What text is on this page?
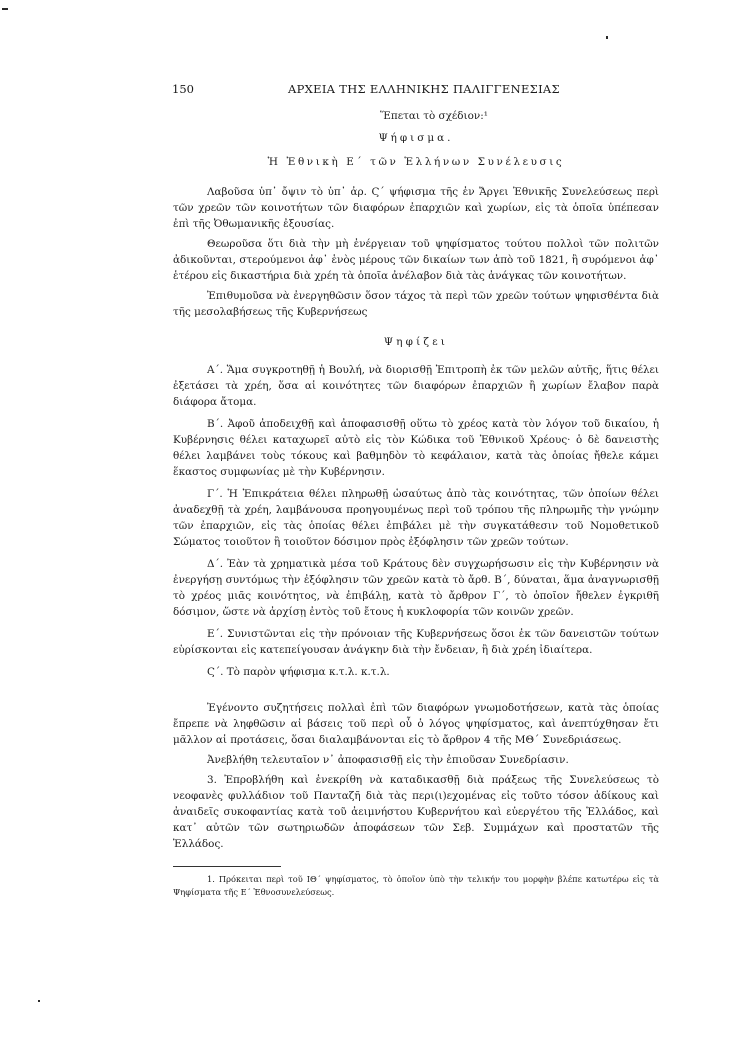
150	ΑΡΧΕΙΑ ΤΗΣ ΕΛΛΗΝΙΚΗΣ ΠΑΛΙΓΓΕΝΕΣΙΑΣ
Ἕπεται τὸ σχέδιον:¹
Ψήφισμα.
Ἡ Ἐθνικὴ Ε΄ τῶν Ἑλλήνων Συνέλευσις

Λαβοῦσα ὑπ᾽ ὄψιν τὸ ὑπ᾽ ἀρ. Ϛ΄ ψήφισμα τῆς ἐν Ἄργει Ἐθνικῆς Συνελεύσεως περὶ τῶν χρεῶν τῶν κοινοτήτων τῶν διαφόρων ἐπαρχιῶν καὶ χωρίων, εἰς τὰ ὁποῖα ὑπέπεσαν ἐπὶ τῆς Ὀθωμανικῆς ἐξουσίας.

Θεωροῦσα ὅτι διὰ τὴν μὴ ἐνέργειαν τοῦ ψηφίσματος τούτου πολλοὶ τῶν πολιτῶν ἀδικοῦνται, στερούμενοι ἀφ᾽ ἑνὸς μέρους τῶν δικαίων των ἀπὸ τοῦ 1821, ἢ συρόμενοι ἀφ᾽ ἑτέρου εἰς δικαστήρια διὰ χρέη τὰ ὁποῖα ἀνέλαβον διὰ τὰς ἀνάγκας τῶν κοινοτήτων.

Ἐπιθυμοῦσα νὰ ἐνεργηθῶσιν ὅσον τάχος τὰ περὶ τῶν χρεῶν τούτων ψηφισθέντα διὰ τῆς μεσολαβήσεως τῆς Κυβερνήσεως

Ψηφίζει

Α΄. Ἅμα συγκροτηθῇ ἡ Βουλή, νὰ διορισθῇ Ἐπιτροπὴ ἐκ τῶν μελῶν αὐτῆς, ἥτις θέλει ἐξετάσει τὰ χρέη, ὅσα αἱ κοινότητες τῶν διαφόρων ἐπαρχιῶν ἢ χωρίων ἔλαβον παρὰ διάφορα ἄτομα.

Β΄. Ἀφοῦ ἀποδειχθῇ καὶ ἀποφασισθῇ οὕτω τὸ χρέος κατὰ τὸν λόγον τοῦ δικαίου, ἡ Κυβέρνησις θέλει καταχωρεῖ αὐτὸ εἰς τὸν Κώδικα τοῦ Ἐθνικοῦ Χρέους· ὁ δὲ δανειστὴς θέλει λαμβάνει τοὺς τόκους καὶ βαθμηδὸν τὸ κεφάλαιον, κατὰ τὰς ὁποίας ἤθελε κάμει ἕκαστος συμφωνίας μὲ τὴν Κυβέρνησιν.

Γ΄. Ἡ Ἐπικράτεια θέλει πληρωθῇ ὡσαύτως ἀπὸ τὰς κοινότητας, τῶν ὁποίων θέλει ἀναδεχθῇ τὰ χρέη, λαμβάνουσα προηγουμένως περὶ τοῦ τρόπου τῆς πληρωμῆς τὴν γνώμην τῶν ἐπαρχιῶν, εἰς τὰς ὁποίας θέλει ἐπιβάλει μὲ τὴν συγκατάθεσιν τοῦ Νομοθετικοῦ Σώματος τοιοῦτον ἢ τοιοῦτον δόσιμον πρὸς ἐξόφλησιν τῶν χρεῶν τούτων.

Δ΄. Ἐὰν τὰ χρηματικὰ μέσα τοῦ Κράτους δὲν συγχωρήσωσιν εἰς τὴν Κυβέρνησιν νὰ ἐνεργήσῃ συντόμως τὴν ἐξόφλησιν τῶν χρεῶν κατὰ τὸ ἄρθ. Β΄, δύναται, ἅμα ἀναγνωρισθῇ τὸ χρέος μιᾶς κοινότητος, νὰ ἐπιβάλῃ, κατὰ τὸ ἄρθρον Γ΄, τὸ ὁποῖον ἤθελεν ἐγκριθῆ δόσιμον, ὥστε νὰ ἀρχίσῃ ἐντὸς τοῦ ἔτους ἡ κυκλοφορία τῶν κοινῶν χρεῶν.

Ε΄. Συνιστῶνται εἰς τὴν πρόνοιαν τῆς Κυβερνήσεως ὅσοι ἐκ τῶν δανειστῶν τούτων εὑρίσκονται εἰς κατεπείγουσαν ἀνάγκην διὰ τὴν ἔνδειαν, ἢ διὰ χρέη ἰδιαίτερα.

Ϛ΄. Τὸ παρὸν ψήφισμα κ.τ.λ. κ.τ.λ.

Ἐγένοντο συζητήσεις πολλαὶ ἐπὶ τῶν διαφόρων γνωμοδοτήσεων, κατὰ τὰς ὁποίας ἔπρεπε νὰ ληφθῶσιν αἱ βάσεις τοῦ περὶ οὗ ὁ λόγος ψηφίσματος, καὶ ἀνεπτύχθησαν ἔτι μᾶλλον αἱ προτάσεις, ὅσαι διαλαμβάνονται εἰς τὸ ἄρθρον 4 τῆς ΜΘ΄ Συνεδριάσεως.

Ἀνεβλήθη τελευταῖον ν᾽ ἀποφασισθῇ εἰς τὴν ἐπιοῦσαν Συνεδρίασιν.

3. Ἐπροβλήθη καὶ ἐνεκρίθη νὰ καταδικασθῇ διὰ πράξεως τῆς Συνελεύσεως τὸ νεοφανὲς φυλλάδιον τοῦ Πανταζῆ διὰ τὰς περι(ι)εχομένας εἰς τοῦτο τόσον ἀδίκους καὶ ἀναιδεῖς συκοφαντίας κατὰ τοῦ ἀειμνήστου Κυβερνήτου καὶ εὐεργέτου τῆς Ἑλλάδος, καὶ κατ᾽ αὐτῶν τῶν σωτηριωδῶν ἀποφάσεων τῶν Σεβ. Συμμάχων καὶ προστατῶν τῆς Ἑλλάδος.

1. Πρόκειται περὶ τοῦ ΙΘ΄ ψηφίσματος, τὸ ὁποῖον ὑπὸ τὴν τελικήν του μορφὴν βλέπε κατωτέρω εἰς τὰ Ψηφίσματα τῆς Ε΄ Ἐθνοσυνελεύσεως.
